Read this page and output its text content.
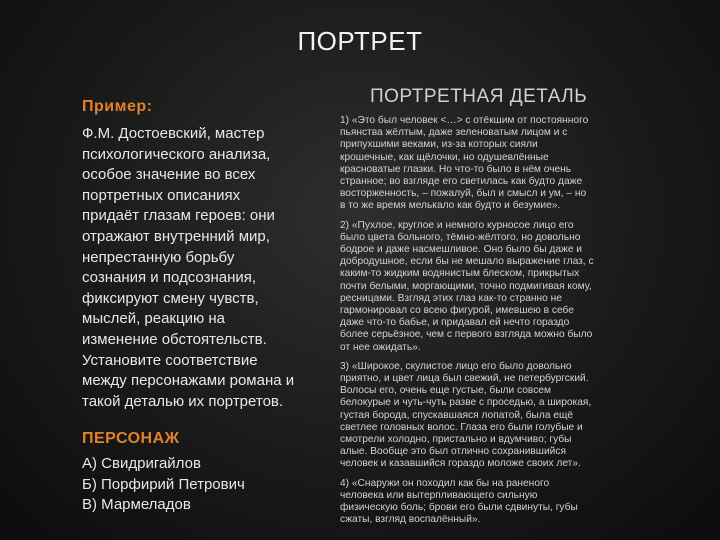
ПОРТРЕТ
Пример:
Ф.М. Достоевский, мастер
психологического анализа,
особое значение во всех
портретных описаниях
придаёт глазам героев: они
отражают внутренний мир,
непрестанную борьбу
сознания и подсознания,
фиксируют смену чувств,
мыслей, реакцию на
изменение обстоятельств.
Установите соответствие
между персонажами романа и
такой деталью их портретов.
ПЕРСОНАЖ
А) Свидригайлов
Б) Порфирий Петрович
В) Мармеладов
ПОРТРЕТНАЯ ДЕТАЛЬ
1) «Это был человек <…> с отёкшим от постоянного
пьянства жёлтым, даже зеленоватым лицом и с
припухшими веками, из-за которых сияли
крошечные, как щёлочки, но одушевлённые
красноватые глазки. Но что-то было в нём очень
странное; во взгляде его светилась как будто даже
восторженность, – пожалуй, был и смысл и ум, – но
в то же время мелькало как будто и безумие».
2) «Пухлое, круглое и немного курносое лицо его
было цвета больного, тёмно-жёлтого, но довольно
бодрое и даже насмешливое. Оно было бы даже и
добродушное, если бы не мешало выражение глаз, с
каким-то жидким водянистым блеском, прикрытых
почти белыми, моргающими, точно подмигивая кому,
ресницами. Взгляд этих глаз как-то странно не
гармонировал со всею фигурой, имевшею в себе
даже что-то бабье, и придавал ей нечто гораздо
более серьёзное, чем с первого взгляда можно было
от нее ожидать».
3) «Широкое, скулистое лицо его было довольно
приятно, и цвет лица был свежий, не петербургский.
Волосы его, очень еще густые, были совсем
белокурые и чуть-чуть разве с проседью, а широкая,
густая борода, спускавшаяся лопатой, была ещё
светлее головных волос. Глаза его были голубые и
смотрели холодно, пристально и вдумчиво; губы
алые. Вообще это был отлично сохранившийся
человек и казавшийся гораздо моложе своих лет».
4) «Снаружи он походил как бы на раненого
человека или вытерпливающего сильную
физическую боль; брови его были сдвинуты, губы
сжаты, взгляд воспалённый».
